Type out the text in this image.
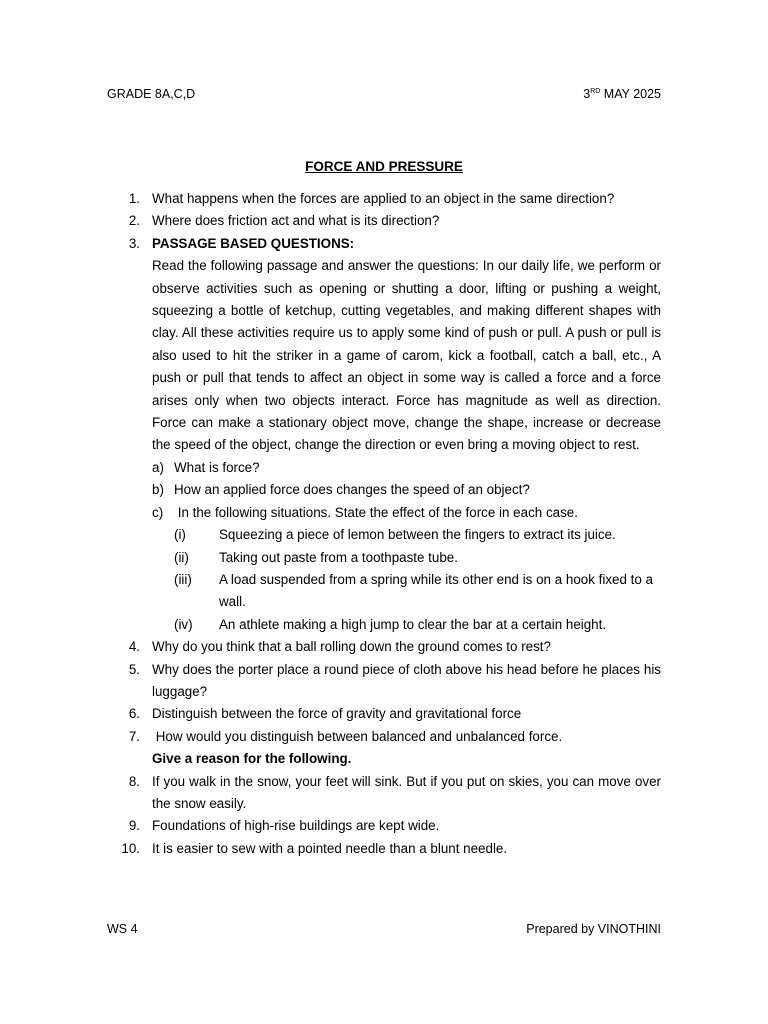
GRADE 8A,C,D	3RD MAY 2025
FORCE AND PRESSURE
1. What happens when the forces are applied to an object in the same direction?
2. Where does friction act and what is its direction?
3. PASSAGE BASED QUESTIONS:
Read the following passage and answer the questions: In our daily life, we perform or observe activities such as opening or shutting a door, lifting or pushing a weight, squeezing a bottle of ketchup, cutting vegetables, and making different shapes with clay. All these activities require us to apply some kind of push or pull. A push or pull is also used to hit the striker in a game of carom, kick a football, catch a ball, etc., A push or pull that tends to affect an object in some way is called a force and a force arises only when two objects interact. Force has magnitude as well as direction. Force can make a stationary object move, change the shape, increase or decrease the speed of the object, change the direction or even bring a moving object to rest.
a) What is force?
b) How an applied force does changes the speed of an object?
c) In the following situations. State the effect of the force in each case.
(i) Squeezing a piece of lemon between the fingers to extract its juice.
(ii) Taking out paste from a toothpaste tube.
(iii) A load suspended from a spring while its other end is on a hook fixed to a wall.
(iv) An athlete making a high jump to clear the bar at a certain height.
4. Why do you think that a ball rolling down the ground comes to rest?
5. Why does the porter place a round piece of cloth above his head before he places his luggage?
6. Distinguish between the force of gravity and gravitational force
7. How would you distinguish between balanced and unbalanced force.
Give a reason for the following.
8. If you walk in the snow, your feet will sink. But if you put on skies, you can move over the snow easily.
9. Foundations of high-rise buildings are kept wide.
10. It is easier to sew with a pointed needle than a blunt needle.
WS 4	Prepared by VINOTHINI
